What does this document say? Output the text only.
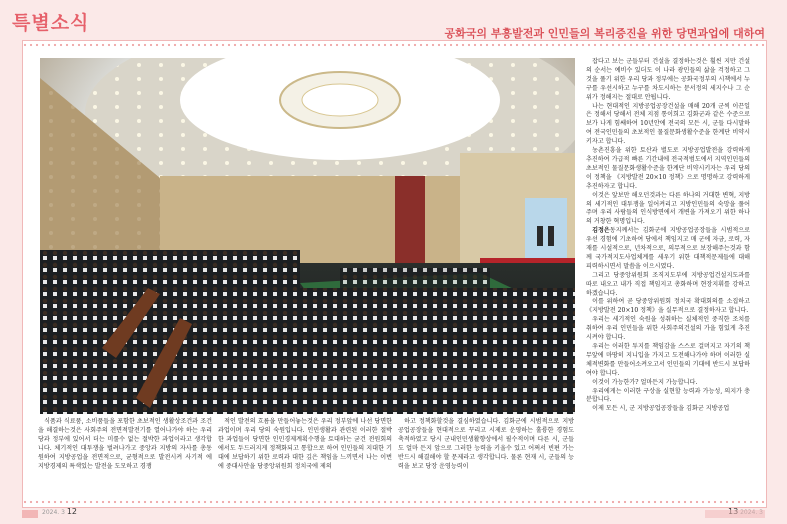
특별소식	공화국의 부흥발전과 인민들의 복리증진을 위한 당면과업에 대하여

식품과 식료품, 소비품들을 포함한 초보적인 생활상조건과 조건을 해결하는것은 사회주의 전면적발전기를 열어나가야 하는 우리 당과 정부에 있어서 더는 미룰수 없는 절박한 과업이라고 생각합니다. 체기적인 대투쟁을 벌려나가고 중앙과 지방의 자사를 총동원하여 지방공업을 전면적으로, 균형적으로 발전시켜 사기적 에 지방경제의 특색있는 발전을 도모하고 경쟁

적인 발전의 흐름을 만들어놓는것은 우리 정부앞에 나선 당면한 과업이며 우리 당의 숙원입니다. 인민생활과 관련된 이러한 절박한 과업들이 당면한 인민경제계획수행을 토대하는 굳건 전원회의에서도 두드러지게 정책화되고 통합으로 하여 인민들의 지대한 기대에 보답하기 위한 로력과 대한 깊은 책임을 느끼면서 나는 이번에 중대사안을 당중앙위원회 정치국에 제의

하고 정책화할것을 결심하였습니다. 김화군에 시범적으로 지방공업공장들을 현대적으로 꾸리고 시제로 운영하는 훌륭한 경험도 축적하였고 당시 군내인민생활향상에서 필수적이며 다른 시, 군들도 얼마 든지 앞으로 그러한 능력을 키울수 있고 어쩌서 빈편 가는 반드시 해결해야 할 문제라고 생각합니다. 물론 현재 시, 군들의 능력을 보고 당장 운영능력이

잡다고 보는 군들부터 건설을 결정하는것은 훨씬 지만 건설의 순서는 예비수 있더도 이 나라 광민들의 삶을 걱정하고 그것을 풀기 위한 우리 당과 정부에는 공화국정부의 시책에서 누구를 우선시하고 누구를 차도시하는 문서정의 세지수나 그 순위가 정해지는 절대로 안됩니다.

나는 현대적인 지방공업공장건설을 매해 20개 군씩 이끈일은 정해서 당해서 전체 지점 통이희고 김화군과 같은 수준으로 보가 나게 힘쌔하여 10년안에 전국의 모든 시, 군들 다시말하여 전국인민들의 초보적인 물질문화생활수준을 한계단 비약시키자고 합니다.

농촌진흥을 위한 토산과 별도로 지방공업발전을 강력하게 추진하여 가급적 빠른 기간내에 전국적범도에서 지역인민들의 초보적인 물질문화생활수준을 한계단 비약시키자는 우리 당의 이 정책을 《지방발전 20×10 정책》으로 명명하고 강력하게 추진하자고 합니다.

이것은 앞보만 해오던것과는 다른 하나의 거대한 변혁, 지방의 세기적인 대투쟁을 일어켜리고 지방인민들의 숙망을 풀어주며 우리 사람들의 인식방면에서 개변을 가져오기 위한 하나의 거창한 혁명입니다.

김정은동지께서는 김화군에 지방공업공장들을 시범적으로 우선 경험에 기초하여 당에서 책임지고 매 군에 자금, 로력, 자재를 시설적으로, 년차적으로, 의무적으로 보장해주는것과 함께 국가적지도사업체계를 세우기 위한 대책적문제들에 대해 피력하시면서 말씀을 이으시였다.

그리고 당중앙위원회 조직지도부에 지방공업건설지도과를 따로 내오고 내가 직접 책임지고 총화하며 현장지휘를 강하고 하겠습니다.

이를 위하여 곧 당중앙위원회 정치국 확대회의를 소집하고 《지방발전 20×10 정책》을 실무적으로 결정하자고 합니다.

우리는 세기적인 숙원을 성취하는 실체적인 중직한 조치를 취하여 우리 인민들을 위한 사회주의건설의 가을 힘있게 추진시켜야 합니다.

우리는 이러한 투지를 책임감을 스스로 걸머지고 자기의 책무앞에 마땅히 지니입을 가지고 도전해나가야 하며 이러한 실체적변화를 만들어소켜오고서 인민들의 기대에 반드시 보답하여야 합니다.

이것이 가능한가? 얼마든지 가능합니다.

우리에게는 이러한 구상을 실현할 능력과 가능성, 의지가 충분합니다.

이제 모든 시, 군 지방공업공장들을 김화군 지방공업

2024. 3 12
